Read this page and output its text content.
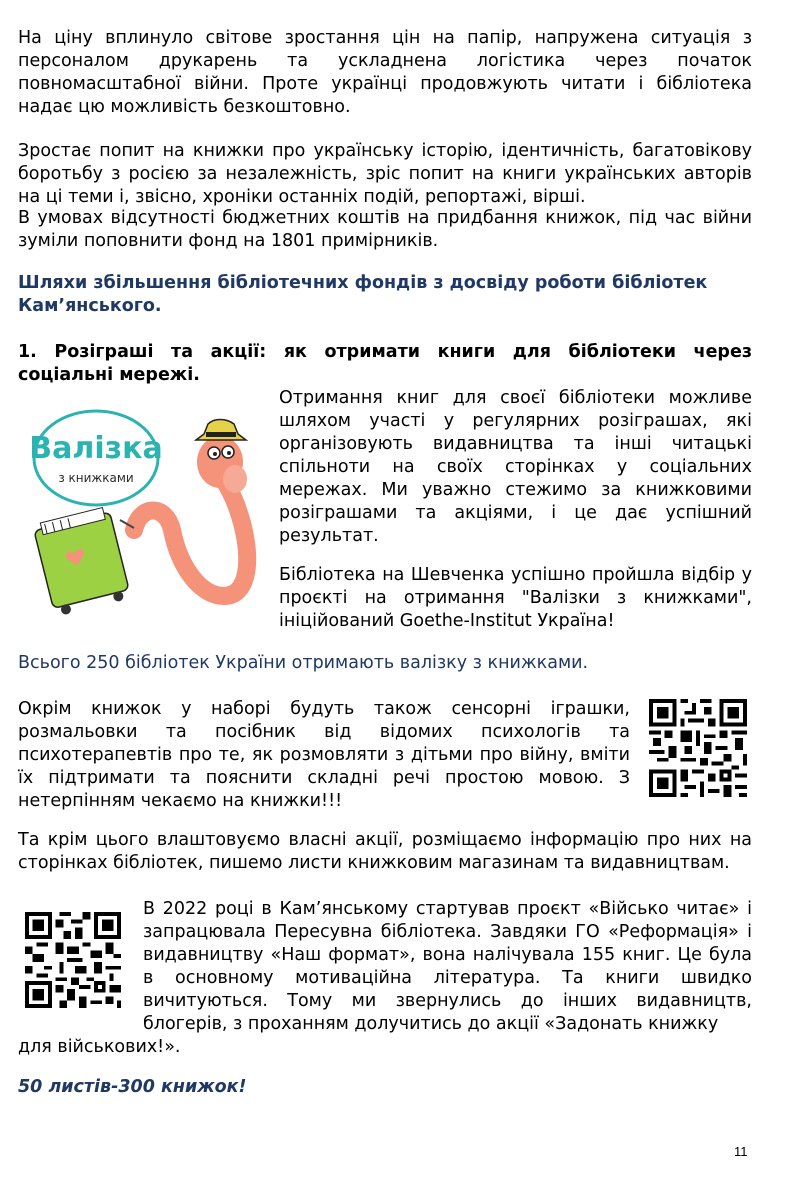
На ціну вплинуло світове зростання цін на папір, напружена ситуація з персоналом друкарень та ускладнена логістика через початок повномасштабної війни. Проте українці продовжують читати і бібліотека надає цю можливість безкоштовно.

Зростає попит на книжки про українську історію, ідентичність, багатовікову боротьбу з росією за незалежність, зріс попит на книги українських авторів на ці теми і, звісно, хроніки останніх подій, репортажі, вірші.

В умовах відсутності бюджетних коштів на придбання книжок, під час війни зуміли поповнити фонд на 1801 примірників.

Шляхи збільшення бібліотечних фондів з досвіду роботи бібліотек Кам’янського.
1. Розіграші та акції: як отримати книги для бібліотеки через
соціальні мережі.
Валізка
з книжками

Отримання книг для своєї бібліотеки можливе шляхом участі у регулярних розіграшах, які організовують видавництва та інші читацькі спільноти на своїх сторінках у соціальних мережах. Ми уважно стежимо за книжковими розіграшами та акціями, і це дає успішний результат.

Бібліотека на Шевченка успішно пройшла відбір у проєкті на отримання "Валізки з книжками", ініційований Goethe-Institut Україна!

Всього 250 бібліотек України отримають валізку з книжками.

Окрім книжок у наборі будуть також сенсорні іграшки, розмальовки та посібник від відомих психологів та психотерапевтів про те, як розмовляти з дітьми про війну, вміти їх підтримати та пояснити складні речі простою мовою. З нетерпінням чекаємо на книжки!!!

Та крім цього влаштовуємо власні акції, розміщаємо інформацію про них на сторінках бібліотек, пишемо листи книжковим магазинам та видавництвам.

В 2022 році в Кам’янському стартував проєкт «Військо читає» і запрацювала Пересувна бібліотека. Завдяки ГО «Реформація» і видавництву «Наш формат», вона налічувала 155 книг. Це була в основному мотиваційна література. Та книги швидко вичитуються. Тому ми звернулись до інших видавництв, блогерів, з проханням долучитись до акції «Задонать книжку

для військових!».

50 листів-300 книжок!

11
